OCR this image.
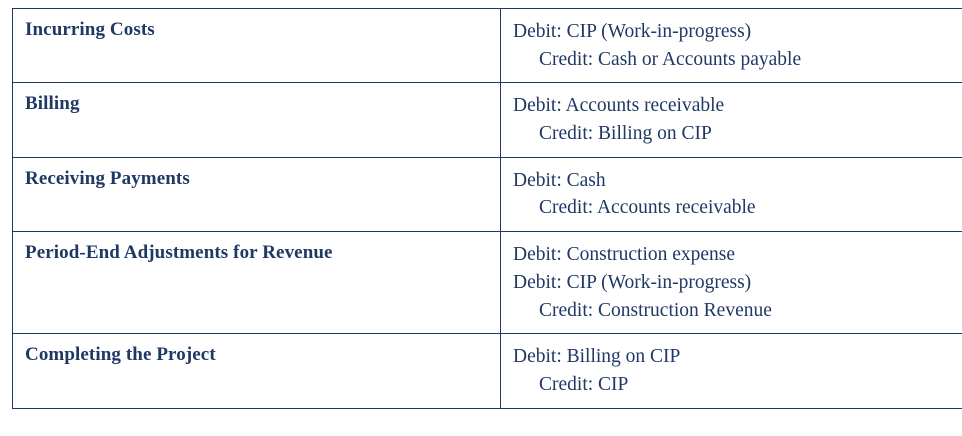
Incurring Costs	Debit: CIP (Work-in-progress)
Credit: Cash or Accounts payable

Billing	Debit: Accounts receivable
Credit: Billing on CIP

Receiving Payments	Debit: Cash
Credit: Accounts receivable

Period-End Adjustments for Revenue	Debit: Construction expense
Debit: CIP (Work-in-progress)
Credit: Construction Revenue

Completing the Project	Debit: Billing on CIP
Credit: CIP
